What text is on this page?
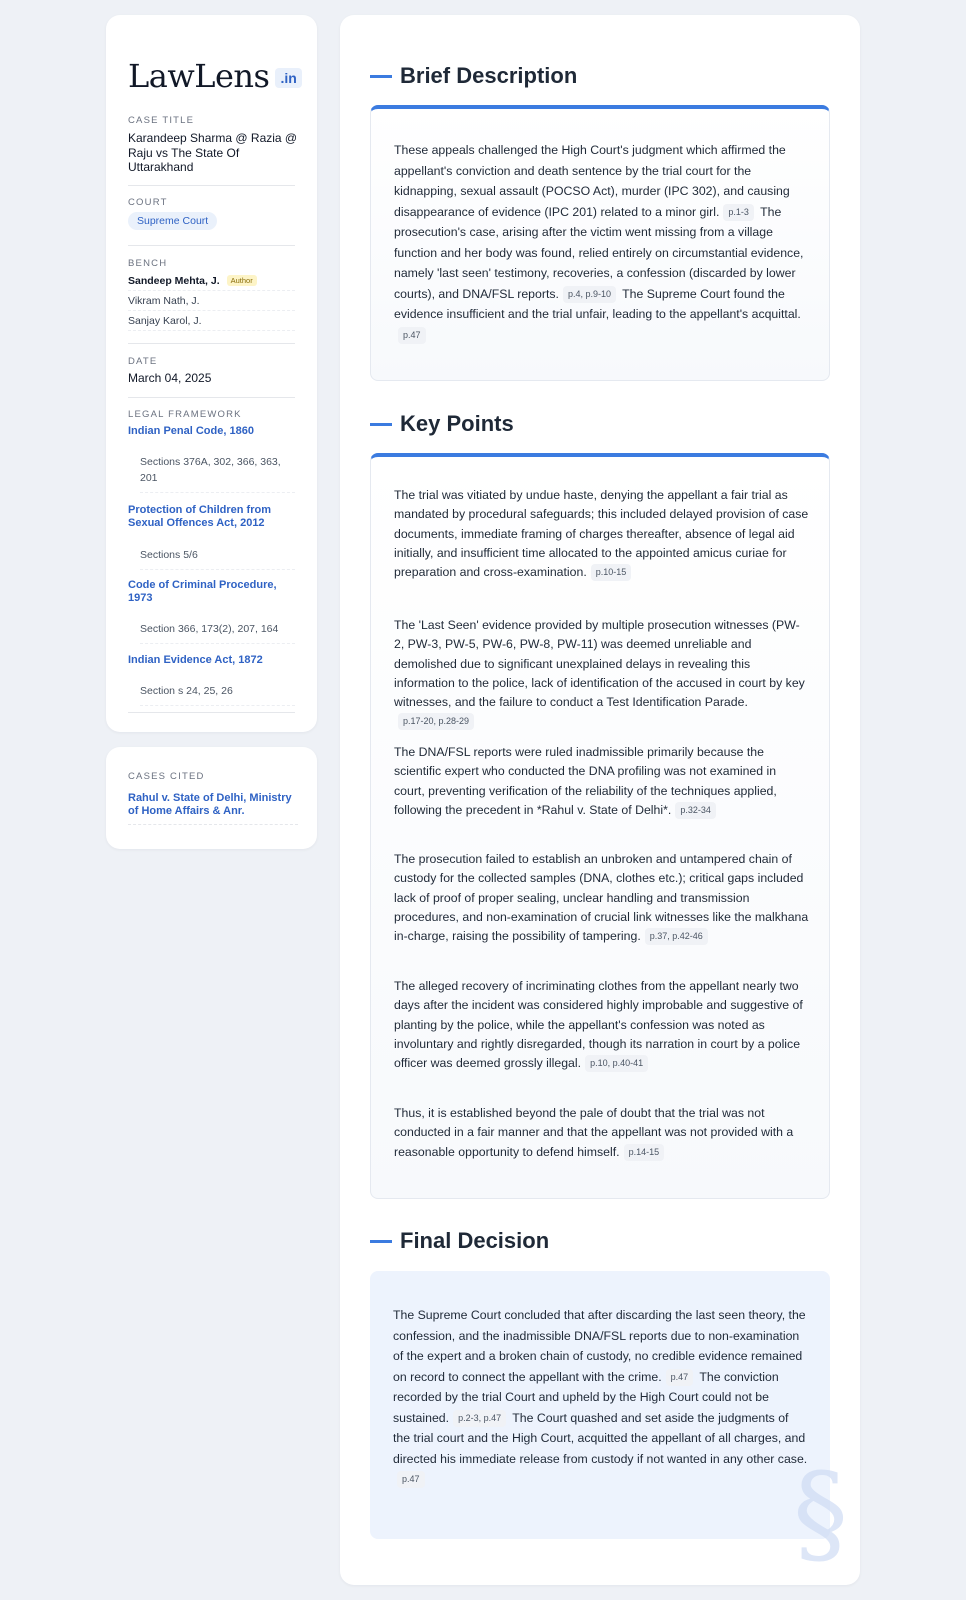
LawLens .in
CASE TITLE
Karandeep Sharma @ Razia @ Raju vs The State Of Uttarakhand
COURT
Supreme Court
BENCH
Sandeep Mehta, J.	Author
Vikram Nath, J.
Sanjay Karol, J.
DATE
March 04, 2025
LEGAL FRAMEWORK
Indian Penal Code, 1860
Sections 376A, 302, 366, 363, 201
Protection of Children from Sexual Offences Act, 2012
Sections 5/6
Code of Criminal Procedure, 1973
Section 366, 173(2), 207, 164
Indian Evidence Act, 1872
Section s 24, 25, 26
CASES CITED
Rahul v. State of Delhi, Ministry of Home Affairs & Anr.
Brief Description
These appeals challenged the High Court's judgment which affirmed the appellant's conviction and death sentence by the trial court for the kidnapping, sexual assault (POCSO Act), murder (IPC 302), and causing disappearance of evidence (IPC 201) related to a minor girl. p.1-3 The prosecution's case, arising after the victim went missing from a village function and her body was found, relied entirely on circumstantial evidence, namely 'last seen' testimony, recoveries, a confession (discarded by lower courts), and DNA/FSL reports. p.4, p.9-10 The Supreme Court found the evidence insufficient and the trial unfair, leading to the appellant's acquittal.p.47
Key Points
The trial was vitiated by undue haste, denying the appellant a fair trial as mandated by procedural safeguards; this included delayed provision of case documents, immediate framing of charges thereafter, absence of legal aid initially, and insufficient time allocated to the appointed amicus curiae for preparation and cross-examination. p.10-15
The 'Last Seen' evidence provided by multiple prosecution witnesses (PW-2, PW-3, PW-5, PW-6, PW-8, PW-11) was deemed unreliable and demolished due to significant unexplained delays in revealing this information to the police, lack of identification of the accused in court by key witnesses, and the failure to conduct a Test Identification Parade.p.17-20, p.28-29
The DNA/FSL reports were ruled inadmissible primarily because the scientific expert who conducted the DNA profiling was not examined in court, preventing verification of the reliability of the techniques applied, following the precedent in *Rahul v. State of Delhi*. p.32-34
The prosecution failed to establish an unbroken and untampered chain of custody for the collected samples (DNA, clothes etc.); critical gaps included lack of proof of proper sealing, unclear handling and transmission procedures, and non-examination of crucial link witnesses like the malkhana in-charge, raising the possibility of tampering. p.37, p.42-46
The alleged recovery of incriminating clothes from the appellant nearly two days after the incident was considered highly improbable and suggestive of planting by the police, while the appellant's confession was noted as involuntary and rightly disregarded, though its narration in court by a police officer was deemed grossly illegal. p.10, p.40-41
Thus, it is established beyond the pale of doubt that the trial was not conducted in a fair manner and that the appellant was not provided with a reasonable opportunity to defend himself. p.14-15
Final Decision
The Supreme Court concluded that after discarding the last seen theory, the confession, and the inadmissible DNA/FSL reports due to non-examination of the expert and a broken chain of custody, no credible evidence remained on record to connect the appellant with the crime. p.47 The conviction recorded by the trial Court and upheld by the High Court could not be sustained. p.2-3, p.47 The Court quashed and set aside the judgments of the trial court and the High Court, acquitted the appellant of all charges, and directed his immediate release from custody if not wanted in any other case.p.47	§
